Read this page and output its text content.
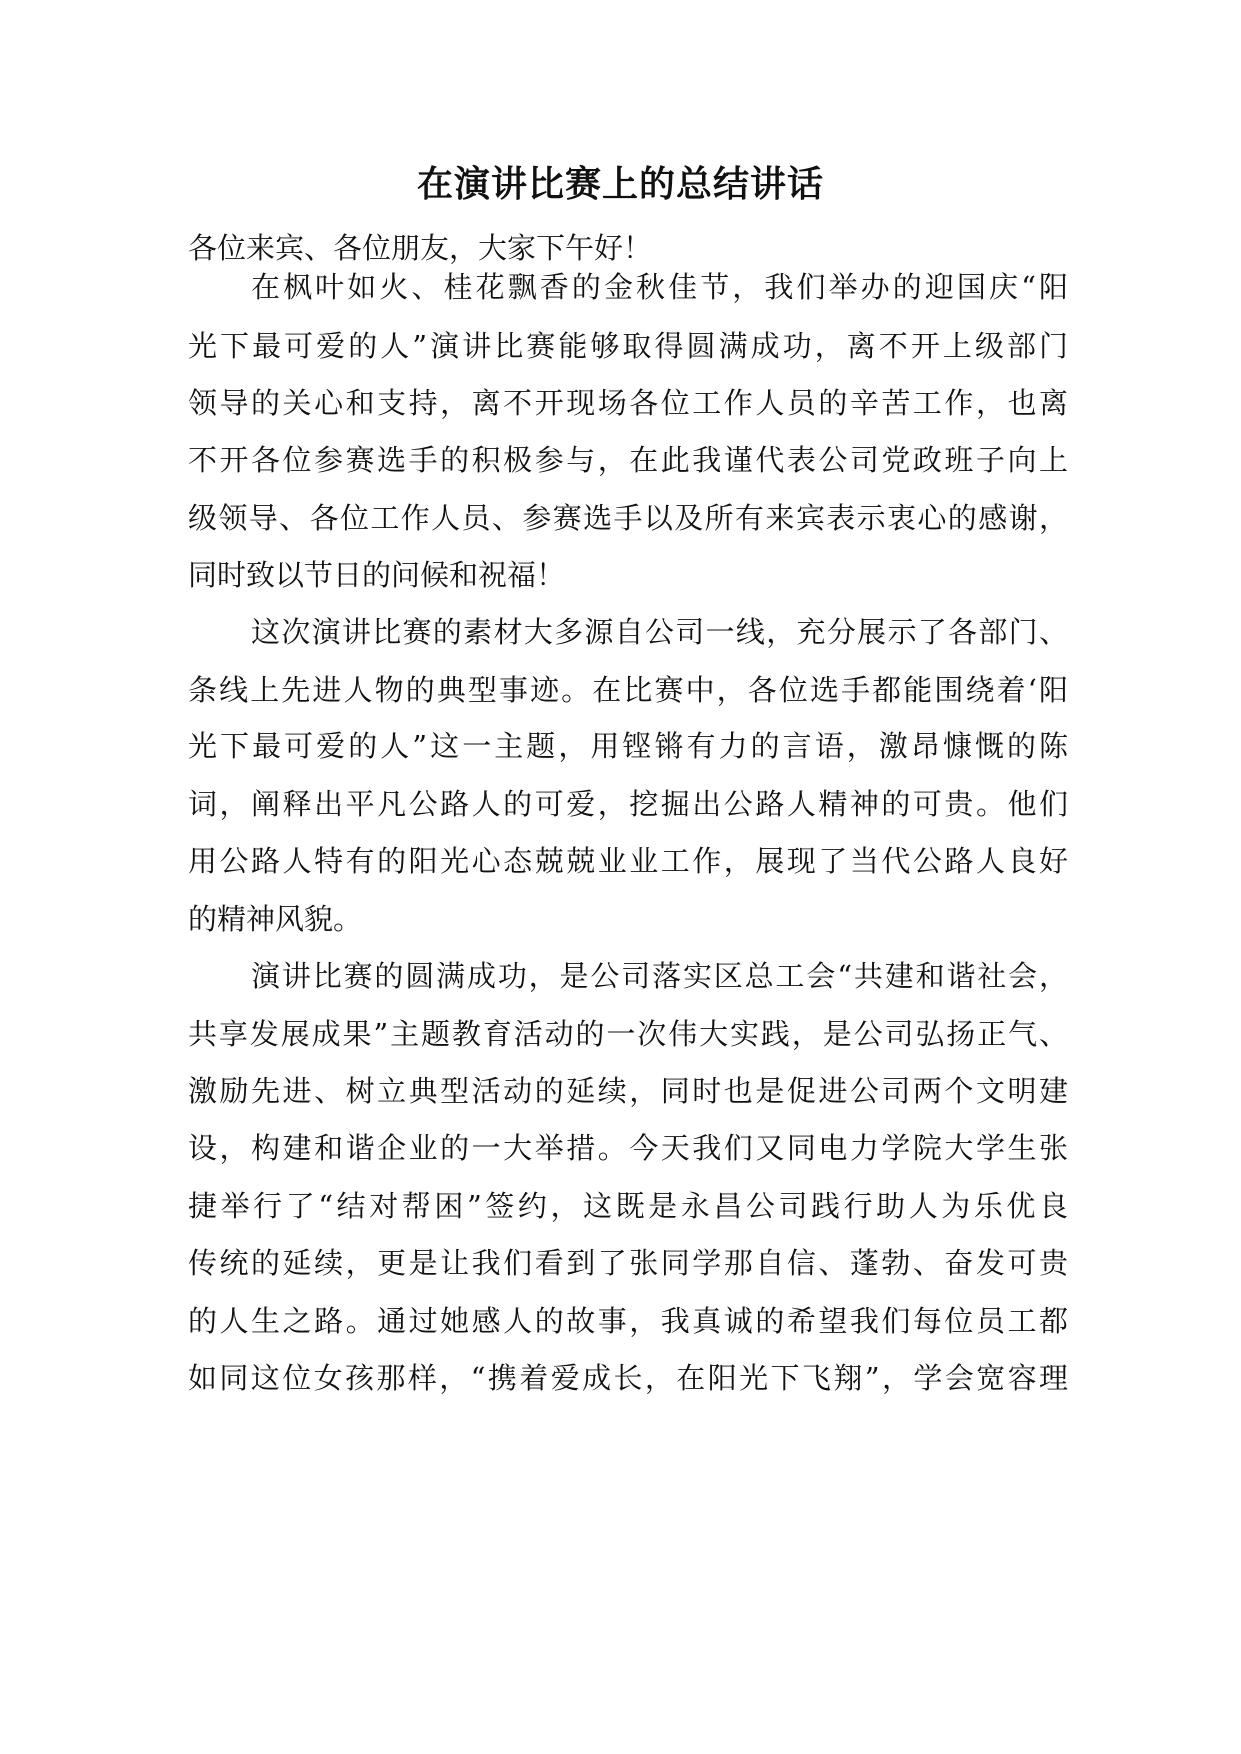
在演讲比赛上的总结讲话

各位来宾、各位朋友，大家下午好！

在枫叶如火、桂花飘香的金秋佳节，我们举办的迎国庆“阳

光下最可爱的人”演讲比赛能够取得圆满成功，离不开上级部门

领导的关心和支持，离不开现场各位工作人员的辛苦工作，也离

不开各位参赛选手的积极参与，在此我谨代表公司党政班子向上

级领导、各位工作人员、参赛选手以及所有来宾表示衷心的感谢，

同时致以节日的问候和祝福！

这次演讲比赛的素材大多源自公司一线，充分展示了各部门、

条线上先进人物的典型事迹。在比赛中，各位选手都能围绕着‘阳

光下最可爱的人”这一主题，用铿锵有力的言语，激昂慷慨的陈

词，阐释出平凡公路人的可爱，挖掘出公路人精神的可贵。他们

用公路人特有的阳光心态兢兢业业工作，展现了当代公路人良好

的精神风貌。

演讲比赛的圆满成功，是公司落实区总工会“共建和谐社会，

共享发展成果”主题教育活动的一次伟大实践，是公司弘扬正气、

激励先进、树立典型活动的延续，同时也是促进公司两个文明建

设，构建和谐企业的一大举措。今天我们又同电力学院大学生张

捷举行了“结对帮困”签约，这既是永昌公司践行助人为乐优良

传统的延续，更是让我们看到了张同学那自信、蓬勃、奋发可贵

的人生之路。通过她感人的故事，我真诚的希望我们每位员工都

如同这位女孩那样，“携着爱成长，在阳光下飞翔”，学会宽容理
